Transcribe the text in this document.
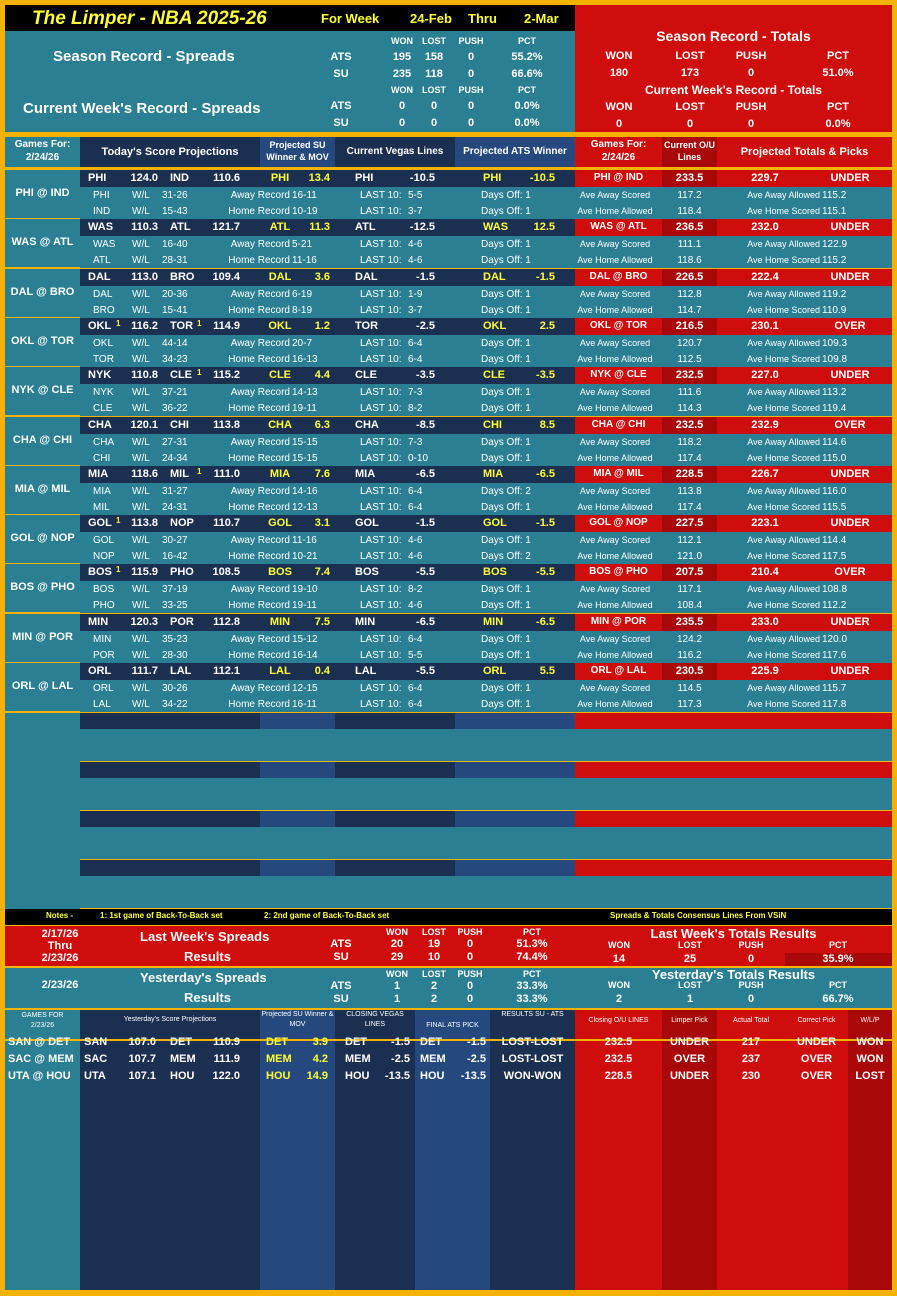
The Limper - NBA 2025-26	For Week 24-Feb Thru 2-Mar
Season Record - Spreads
Current Week's Record - Spreads
WON	LOST	PUSH	PCT
ATS	195	158	0	55.2%
SU	235	118	0	66.6%
WON	LOST	PUSH	PCT
ATS	0	0	0	0.0%
SU	0	0	0	0.0%
Season Record - Totals
Current Week's Record - Totals
WON	LOST	PUSH	PCT
180	173	0	51.0%
WON	LOST	PUSH	PCT
0	0	0	0.0%
Games For:
2/24/26	Today's Score Projections
Projected SU Winner & MOV	Current Vegas Lines	Projected ATS Winner
Games For:
2/24/26
Current O/U Lines	Projected Totals & Picks
PHI @ IND
PHI	124.0 IND	110.6	PHI	13.4 PHI	-10.5	PHI	-10.5	PHI @ IND	233.5	229.7	UNDER
PHI	W/L	31-26	Away Record 16-11	LAST 10: 5-5	Days Off: 1	Ave Away Scored	117.2	Ave Away Allowed 115.2
IND	W/L	15-43	Home Record 10-19	LAST 10: 3-7	Days Off: 1	Ave Home Allowed	118.4	Ave Home Scored 115.1
WAS @ ATL
WAS	110.3 ATL	121.7	ATL	11.3 ATL	-12.5	WAS	12.5	WAS @ ATL	236.5	232.0	UNDER
WAS W/L	16-40	Away Record 5-21	LAST 10: 4-6	Days Off: 1	Ave Away Scored	111.1	Ave Away Allowed 122.9
ATL	W/L	28-31	Home Record 11-16	LAST 10: 4-6	Days Off: 1	Ave Home Allowed	118.6	Ave Home Scored 115.2
DAL @ BRO
DAL	113.0 BRO	109.4	DAL	3.6 DAL	-1.5	DAL	-1.5	DAL @ BRO	226.5	222.4	UNDER
DAL	W/L	20-36	Away Record 6-19	LAST 10: 1-9	Days Off: 1	Ave Away Scored	112.8	Ave Away Allowed 119.2
BRO	W/L	15-41	Home Record 8-19	LAST 10: 3-7	Days Off: 1	Ave Home Allowed	114.7	Ave Home Scored 110.9
OKL @ TOR
OKL 1 116.2 TOR 1	114.9	OKL	1.2 TOR	-2.5	OKL	2.5	OKL @ TOR	216.5	230.1	OVER
OKL	W/L	44-14	Away Record 20-7	LAST 10: 6-4	Days Off: 1	Ave Away Scored	120.7	Ave Away Allowed 109.3
TOR	W/L	34-23	Home Record 16-13	LAST 10: 6-4	Days Off: 1	Ave Home Allowed	112.5	Ave Home Scored 109.8
NYK @ CLE
NYK	110.8 CLE 1	115.2	CLE	4.4 CLE	-3.5	CLE	-3.5	NYK @ CLE	232.5	227.0	UNDER
NYK	W/L	37-21	Away Record 14-13	LAST 10: 7-3	Days Off: 1	Ave Away Scored	111.6	Ave Away Allowed 113.2
CLE	W/L	36-22	Home Record 19-11	LAST 10: 8-2	Days Off: 1	Ave Home Allowed	114.3	Ave Home Scored 119.4
CHA @ CHI
CHA	120.1 CHI	113.8	CHA	6.3 CHA	-8.5	CHI	8.5	CHA @ CHI	232.5	232.9	OVER
CHA	W/L	27-31	Away Record 15-15	LAST 10: 7-3	Days Off: 1	Ave Away Scored	118.2	Ave Away Allowed 114.6
CHI	W/L	24-34	Home Record 15-15	LAST 10: 0-10	Days Off: 1	Ave Home Allowed	117.4	Ave Home Scored 115.0
MIA @ MIL
MIA	118.6 MIL	1	111.0	MIA	7.6 MIA	-6.5	MIA	-6.5	MIA @ MIL	228.5	226.7	UNDER
MIA	W/L	31-27	Away Record 14-16	LAST 10: 6-4	Days Off: 2	Ave Away Scored	113.8	Ave Away Allowed 116.0
MIL	W/L	24-31	Home Record 12-13	LAST 10: 6-4	Days Off: 1	Ave Home Allowed	117.4	Ave Home Scored 115.5
GOL @ NOP
GOL 1 113.8 NOP	110.7	GOL	3.1 GOL	-1.5	GOL	-1.5	GOL @ NOP	227.5	223.1	UNDER
GOL	W/L	30-27	Away Record 11-16	LAST 10: 4-6	Days Off: 1	Ave Away Scored	112.1	Ave Away Allowed 114.4
NOP	W/L	16-42	Home Record 10-21	LAST 10: 4-6	Days Off: 2	Ave Home Allowed	121.0	Ave Home Scored 117.5
BOS @ PHO
BOS 1 115.9 PHO	108.5	BOS	7.4 BOS	-5.5	BOS	-5.5	BOS @ PHO	207.5	210.4	OVER
BOS	W/L	37-19	Away Record 19-10	LAST 10: 8-2	Days Off: 1	Ave Away Scored	117.1	Ave Away Allowed 108.8
PHO	W/L	33-25	Home Record 19-11	LAST 10: 4-6	Days Off: 1	Ave Home Allowed	108.4	Ave Home Scored 112.2
MIN @ POR
MIN	120.3 POR	112.8	MIN	7.5 MIN	-6.5	MIN	-6.5	MIN @ POR	235.5	233.0	UNDER
MIN	W/L	35-23	Away Record 15-12	LAST 10: 6-4	Days Off: 1	Ave Away Scored	124.2	Ave Away Allowed 120.0
POR	W/L	28-30	Home Record 16-14	LAST 10: 5-5	Days Off: 1	Ave Home Allowed	116.2	Ave Home Scored 117.6
ORL @ LAL
ORL	111.7 LAL	112.1	LAL	0.4 LAL	-5.5	ORL	5.5	ORL @ LAL	230.5	225.9	UNDER
ORL	W/L	30-26	Away Record 12-15	LAST 10: 6-4	Days Off: 1	Ave Away Scored	114.5	Ave Away Allowed 115.7
LAL	W/L	34-22	Home Record 16-11	LAST 10: 6-4	Days Off: 1	Ave Home Allowed	117.3	Ave Home Scored 117.8
Notes -	1: 1st game of Back-To-Back set	2: 2nd game of Back-To-Back set	Spreads & Totals Consensus Lines From VSiN
2/17/26
Thru
2/23/26
Last Week's Spreads
Results
Last Week's Totals Results
WON	LOST	PUSH	PCT
ATS	20	19	0	51.3%
SU	29	10	0	74.4%
WON	LOST	PUSH	PCT
14	25	0	35.9%
2/23/26	Yesterday's Spreads
Results
Yesterday's Totals Results
WON	LOST	PUSH	PCT
ATS	1	2	0	33.3%
SU	1	2	0	33.3%
WON	LOST	PUSH	PCT
2	1	0	66.7%
GAMES FOR
2/23/26
Yesterday's Score Projections
Projected SU Winner & MOV
CLOSING VEGAS LINES	FINAL ATS PICK
RESULTS SU - ATS
Closing O/U LINES	Limper Pick	Actual Total	Correct Pick	W/L/P
SAN @ DET	SAN	107.0 DET	110.9 DET	3.9 DET	-1.5 DET	-1.5	LOST-LOST	232.5	UNDER	217	UNDER	WON
SAC @ MEM SAC	107.7 MEM	111.9 MEM	4.2 MEM	-2.5 MEM	-2.5	LOST-LOST	232.5	OVER	237	OVER	WON
UTA @ HOU	UTA	107.1 HOU	122.0 HOU	14.9 HOU	-13.5 HOU	-13.5	WON-WON	228.5	UNDER	230	OVER	LOST
